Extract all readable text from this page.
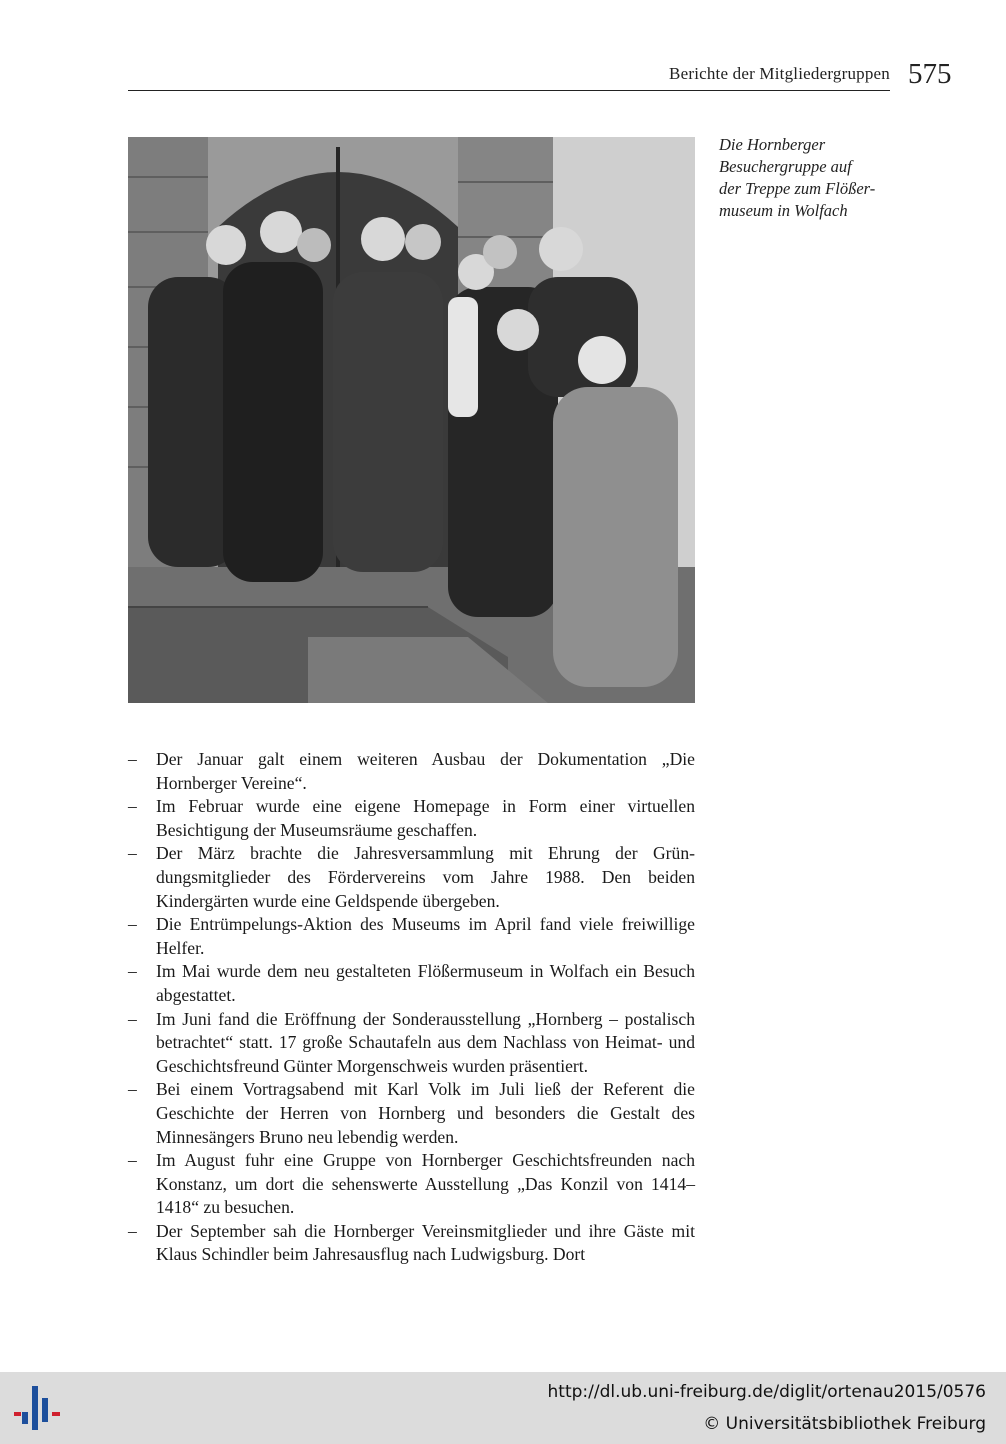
Berichte der Mitgliedergruppen 575
Die Hornberger
Besuchergruppe auf
der Treppe zum Flößer-
museum in Wolfach
– Der Januar galt einem weiteren Ausbau der Dokumentation „Die Hornberger Vereine“.
– Im Februar wurde eine eigene Homepage in Form einer virtuellen Besichtigung der Museumsräume geschaffen.
– Der März brachte die Jahresversammlung mit Ehrung der Gründungsmitglieder des Fördervereins vom Jahre 1988. Den beiden Kindergärten wurde eine Geldspende übergeben.
– Die Entrümpelungs-Aktion des Museums im April fand viele freiwillige Helfer.
– Im Mai wurde dem neu gestalteten Flößermuseum in Wolfach ein Besuch abgestattet.
– Im Juni fand die Eröffnung der Sonderausstellung „Hornberg – postalisch betrachtet“ statt. 17 große Schautafeln aus dem Nachlass von Heimat- und Geschichtsfreund Günter Morgenschweis wurden präsentiert.
– Bei einem Vortragsabend mit Karl Volk im Juli ließ der Referent die Geschichte der Herren von Hornberg und besonders die Gestalt des Minnesängers Bruno neu lebendig werden.
– Im August fuhr eine Gruppe von Hornberger Geschichtsfreunden nach Konstanz, um dort die sehenswerte Ausstellung „Das Konzil von 1414–1418“ zu besuchen.
– Der September sah die Hornberger Vereinsmitglieder und ihre Gäste mit Klaus Schindler beim Jahresausflug nach Ludwigsburg. Dort
http://dl.ub.uni-freiburg.de/diglit/ortenau2015/0576
© Universitätsbibliothek Freiburg
